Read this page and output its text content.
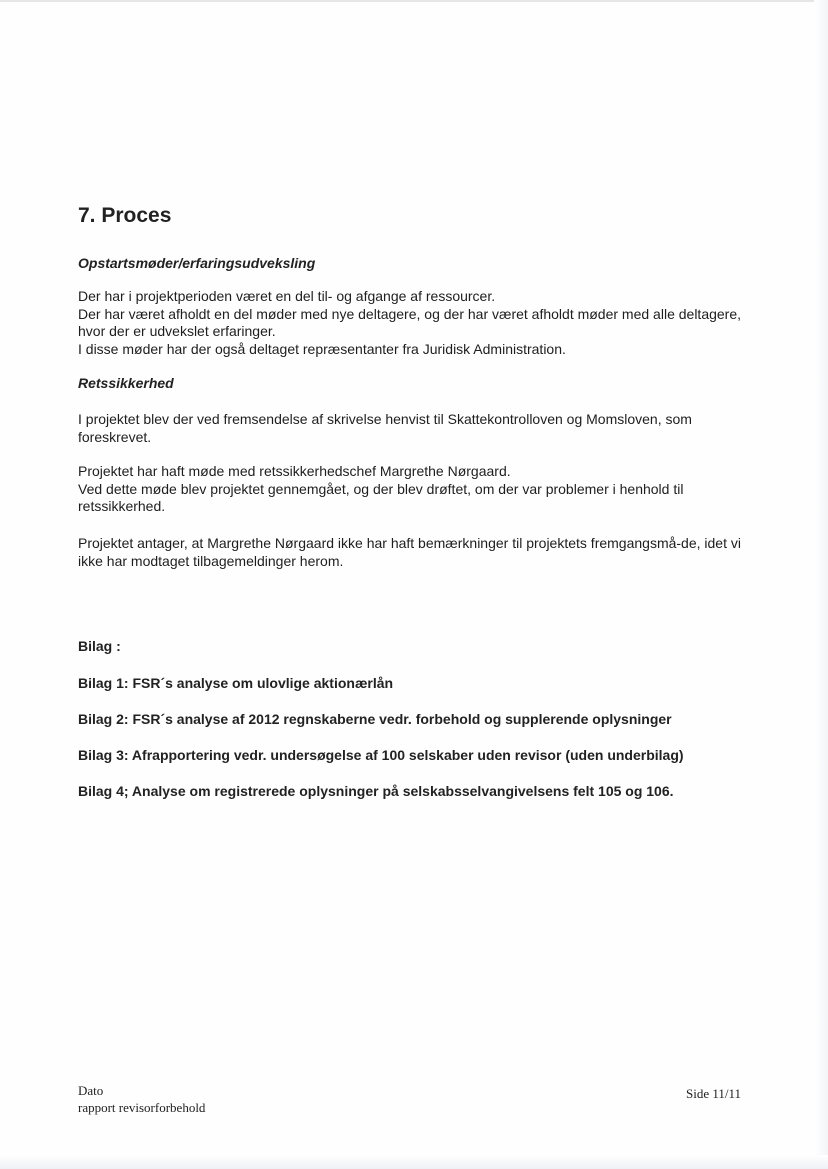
7. Proces
Opstartsmøder/erfaringsudveksling

Der har i projektperioden været en del til- og afgange af ressourcer.
Der har været afholdt en del møder med nye deltagere, og der har været afholdt møder med alle deltagere, hvor der er udvekslet erfaringer.
I disse møder har der også deltaget repræsentanter fra Juridisk Administration.

Retssikkerhed

I projektet blev der ved fremsendelse af skrivelse henvist til Skattekontrolloven og Momsloven, som foreskrevet.

Projektet har haft møde med retssikkerhedschef Margrethe Nørgaard.
Ved dette møde blev projektet gennemgået, og der blev drøftet, om der var problemer i henhold til retssikkerhed.

Projektet antager, at Margrethe Nørgaard ikke har haft bemærkninger til projektets fremgangsmå-de, idet vi ikke har modtaget tilbagemeldinger herom.

Bilag :
Bilag 1: FSR´s analyse om ulovlige aktionærlån
Bilag 2: FSR´s analyse af 2012 regnskaberne vedr. forbehold og supplerende oplysninger
Bilag 3: Afrapportering vedr. undersøgelse af 100 selskaber uden revisor (uden underbilag)
Bilag 4; Analyse om registrerede oplysninger på selskabsselvangivelsens felt 105 og 106.
Dato
rapport revisorforbehold
Side 11/11
